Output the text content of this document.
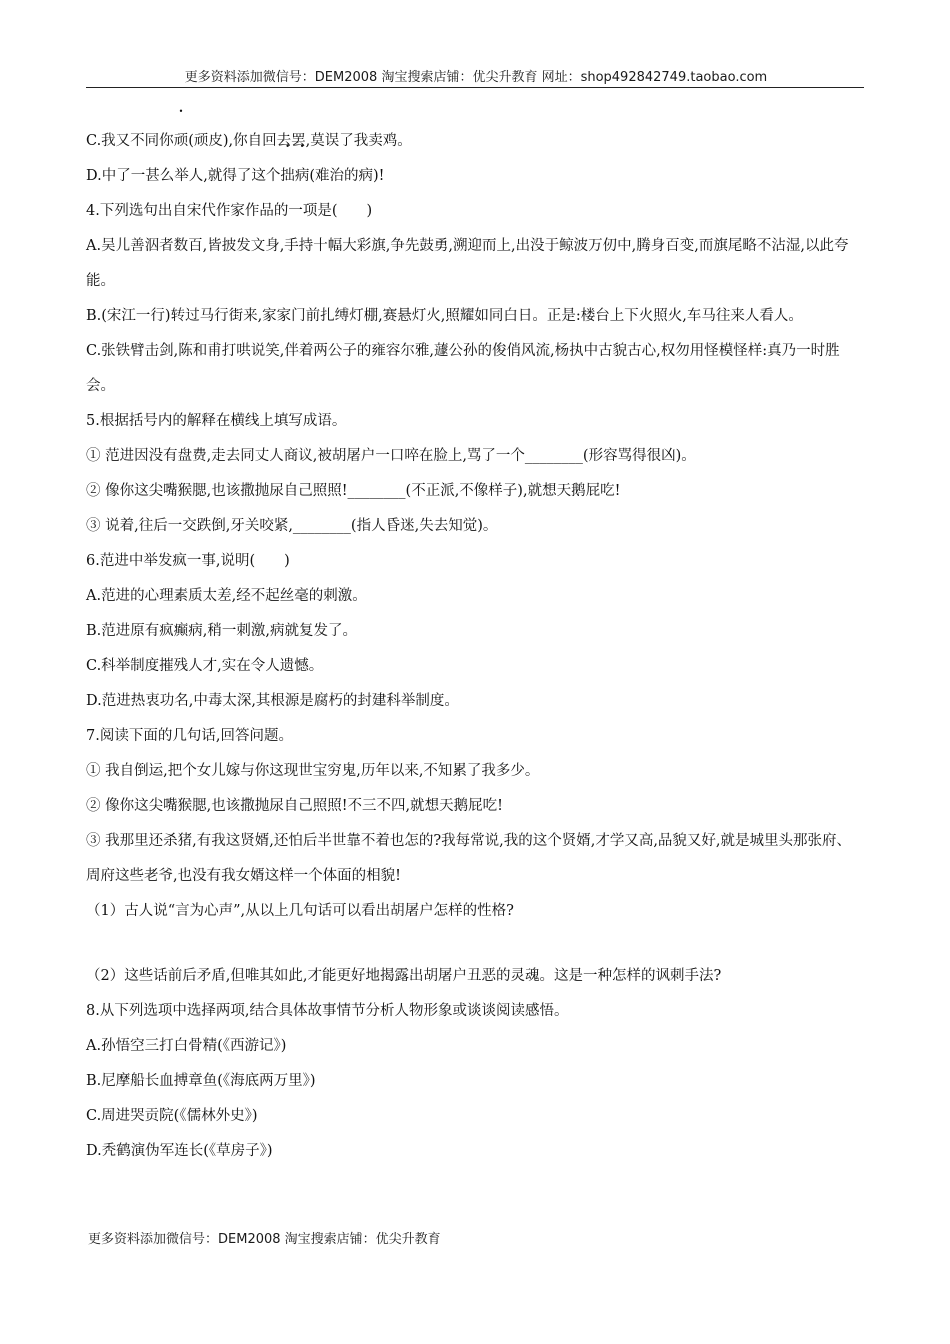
更多资料添加微信号：DEM2008 淘宝搜索店铺：优尖升教育 网址：shop492842749.taobao.com

C.我又不同你顽(顽皮),你自回去罢,莫误了我卖鸡。

D.中了一甚么举人,就得了这个拙病(难治的病)!

4.下列选句出自宋代作家作品的一项是(　　)

A.吴儿善泅者数百,皆披发文身,手持十幅大彩旗,争先鼓勇,溯迎而上,出没于鲸波万仞中,腾身百变,而旗尾略不沾湿,以此夸能。

B.(宋江一行)转过马行街来,家家门前扎缚灯棚,赛悬灯火,照耀如同白日。正是:楼台上下火照火,车马往来人看人。

C.张铁臂击剑,陈和甫打哄说笑,伴着两公子的雍容尔雅,蘧公孙的俊俏风流,杨执中古貌古心,权勿用怪模怪样:真乃一时胜会。

5.根据括号内的解释在横线上填写成语。

① 范进因没有盘费,走去同丈人商议,被胡屠户一口啐在脸上,骂了一个________(形容骂得很凶)。

② 像你这尖嘴猴腮,也该撒抛尿自己照照!________(不正派,不像样子),就想天鹅屁吃!

③ 说着,往后一交跌倒,牙关咬紧,________(指人昏迷,失去知觉)。

6.范进中举发疯一事,说明(　　)

A.范进的心理素质太差,经不起丝毫的刺激。

B.范进原有疯癫病,稍一刺激,病就复发了。

C.科举制度摧残人才,实在令人遗憾。

D.范进热衷功名,中毒太深,其根源是腐朽的封建科举制度。

7.阅读下面的几句话,回答问题。

① 我自倒运,把个女儿嫁与你这现世宝穷鬼,历年以来,不知累了我多少。

② 像你这尖嘴猴腮,也该撒抛尿自己照照!不三不四,就想天鹅屁吃!

③ 我那里还杀猪,有我这贤婿,还怕后半世靠不着也怎的?我每常说,我的这个贤婿,才学又高,品貌又好,就是城里头那张府、周府这些老爷,也没有我女婿这样一个体面的相貌!

（1）古人说“言为心声”,从以上几句话可以看出胡屠户怎样的性格?

（2）这些话前后矛盾,但唯其如此,才能更好地揭露出胡屠户丑恶的灵魂。这是一种怎样的讽刺手法?

8.从下列选项中选择两项,结合具体故事情节分析人物形象或谈谈阅读感悟。

A.孙悟空三打白骨精(《西游记》)

B.尼摩船长血搏章鱼(《海底两万里》)

C.周进哭贡院(《儒林外史》)

D.秃鹤演伪军连长(《草房子》)

更多资料添加微信号：DEM2008 淘宝搜索店铺：优尖升教育
